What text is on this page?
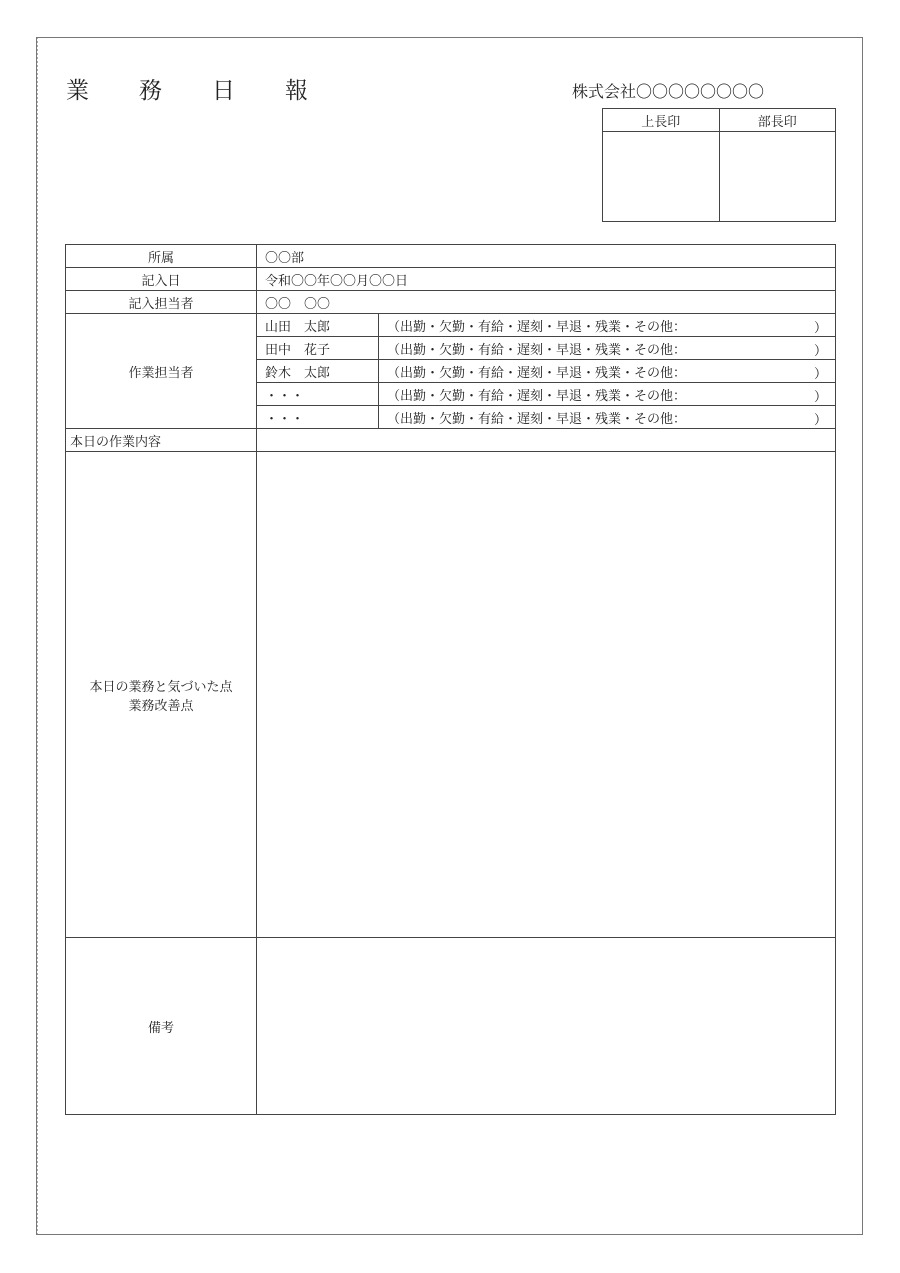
業 務 日 報	株式会社〇〇〇〇〇〇〇〇
上長印	部長印

所属	〇〇部	
記入日	令和〇〇年〇〇月〇〇日	
記入担当者	〇〇　〇〇	
作業担当者	山田　太郎	（出勤・欠勤・有給・遅刻・早退・残業・その他： ）

	田中　花子	（出勤・欠勤・有給・遅刻・早退・残業・その他： ）

	鈴木　太郎	（出勤・欠勤・有給・遅刻・早退・残業・その他： ）

	・・・	（出勤・欠勤・有給・遅刻・早退・残業・その他： ）

	・・・	（出勤・欠勤・有給・遅刻・早退・残業・その他： ）

本日の作業内容		

本日の業務と気づいた点
業務改善点		

備考		
